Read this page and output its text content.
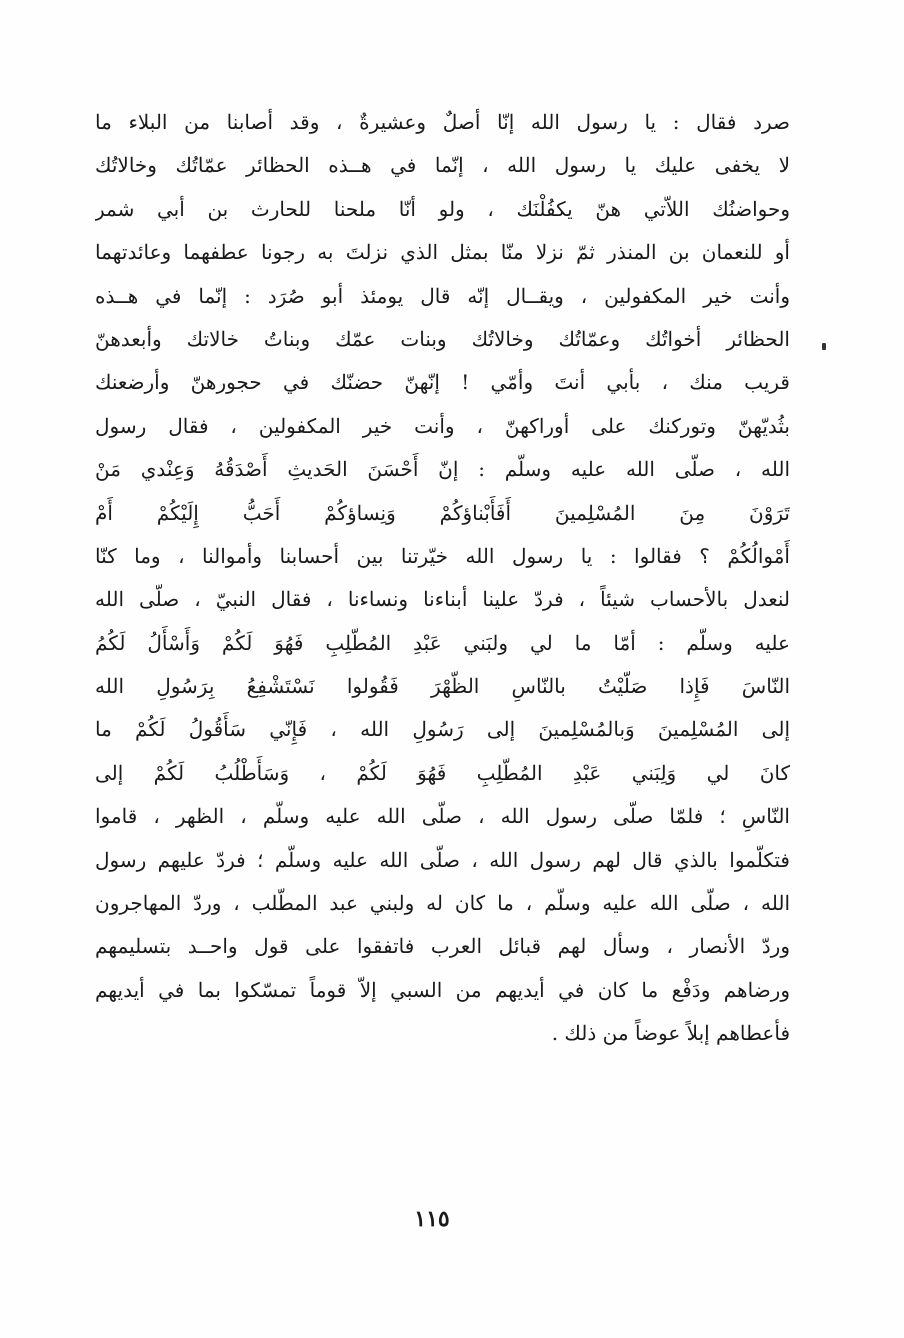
صرد فقال : يا رسول الله إنّا أصلٌ وعشيرةٌ ، وقد أصابنا من البلاء ما
لا يخفى عليك يا رسول الله ، إنّما في هــذه الحظائر عمّاتُك وخالاتُك
وحواضنُك اللاّتي هنّ يكفُلْنَك ، ولو أنّا ملحنا للحارث بن أبي شمر
أو للنعمان بن المنذر ثمّ نزلا منّا بمثل الذي نزلتَ به رجونا عطفهما وعائدتهما
وأنت خير المكفولين ، ويقــال إنّه قال يومئذ أبو صُرَد : إنّما في هــذه
الحظائر أخواتُك وعمّاتُك وخالاتُك وبنات عمّك وبناتُ خالاتك وأبعدهنّ
قريب منك ، بأبي أنتَ وأمّي ! إنّهنّ حضنّك في حجورهنّ وأرضعنك
بثُديّهنّ وتوركنك على أوراكهنّ ، وأنت خير المكفولين ، فقال رسول
الله ، صلّى الله عليه وسلّم : إنّ أَحْسَنَ الحَديثِ أَصْدَقُهُ وَعِنْدي مَنْ
تَرَوْنَ مِنَ المُسْلِمينَ أَفَأَبْناؤكُمْ وَنِساؤكُمْ أَحَبُّ إِلَيْكُمْ أَمْ
أَمْوالُكُمْ ؟ فقالوا : يا رسول الله خيّرتنا بين أحسابنا وأموالنا ، وما كنّا
لنعدل بالأحساب شيئاً ، فردّ علينا أبناءنا ونساءنا ، فقال النبيّ ، صلّى الله
عليه وسلّم : أمّا ما لي ولبَني عَبْدِ المُطّلِبِ فَهُوَ لَكُمْ وَأَسْأَلُ لَكُمُ
النّاسَ فَإِذا صَلّيْتُ بالنّاسِ الظّهْرَ فَقُولوا نَسْتَشْفِعُ بِرَسُولِ الله
إلى المُسْلِمينَ وَبالمُسْلِمينَ إلى رَسُولِ الله ، فَإِنّي سَأَقُولُ لَكُمْ ما
كانَ لي وَلِبَني عَبْدِ المُطّلِبِ فَهُوَ لَكُمْ ، وَسَأَطْلُبُ لَكُمْ إلى
النّاسِ ؛ فلمّا صلّى رسول الله ، صلّى الله عليه وسلّم ، الظهر ، قاموا
فتكلّموا بالذي قال لهم رسول الله ، صلّى الله عليه وسلّم ؛ فردّ عليهم رسول
الله ، صلّى الله عليه وسلّم ، ما كان له ولبني عبد المطّلب ، وردّ المهاجرون
وردّ الأنصار ، وسأل لهم قبائل العرب فاتفقوا على قول واحــد بتسليمهم
ورضاهم ودَفْع ما كان في أيديهم من السبي إلاّ قوماً تمسّكوا بما في أيديهم
فأعطاهم إبلاً عوضاً من ذلك .
١١٥
